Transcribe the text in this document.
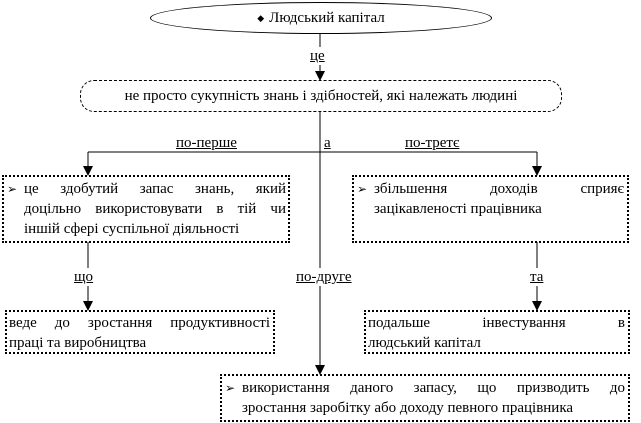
◆ Людський капітал
це
не просто сукупність знань і здібностей, які належать людині
по-перше	а	по-третє
➢ це здобутий запас знань, який
доцільно використовувати в тій чи
іншій сфері суспільної діяльності
➢ збільшення доходів сприяє
зацікавленості працівника
що	по-друге	та
веде до зростання продуктивності
праці та виробництва
подальше інвестування в
людський капітал
➢ використання даного запасу, що призводить до
зростання заробітку або доходу певного працівника
